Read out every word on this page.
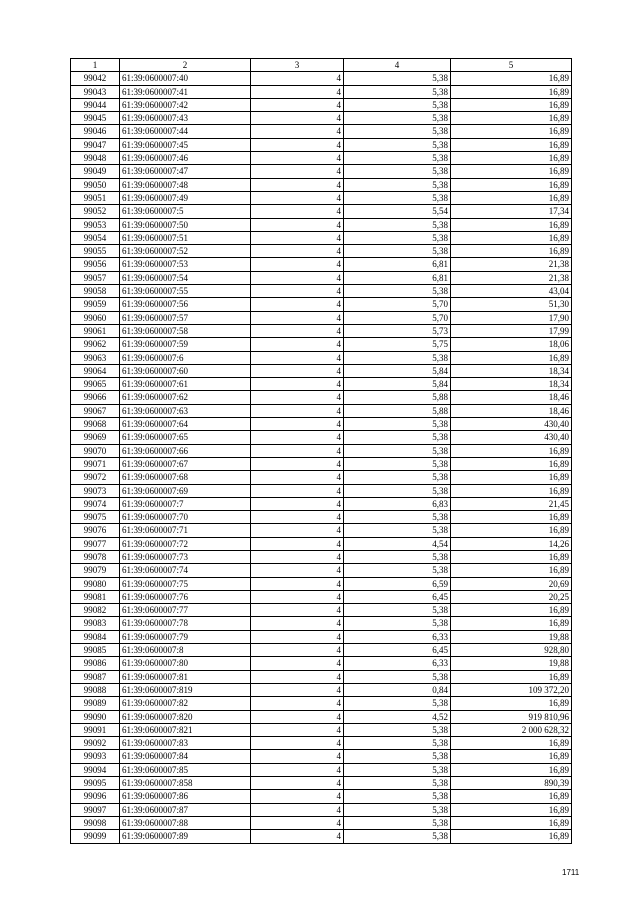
1	2	3	4	5
99042	61:39:0600007:40	4	5,38	16,89
99043	61:39:0600007:41	4	5,38	16,89
99044	61:39:0600007:42	4	5,38	16,89
99045	61:39:0600007:43	4	5,38	16,89
99046	61:39:0600007:44	4	5,38	16,89
99047	61:39:0600007:45	4	5,38	16,89
99048	61:39:0600007:46	4	5,38	16,89
99049	61:39:0600007:47	4	5,38	16,89
99050	61:39:0600007:48	4	5,38	16,89
99051	61:39:0600007:49	4	5,38	16,89
99052	61:39:0600007:5	4	5,54	17,34
99053	61:39:0600007:50	4	5,38	16,89
99054	61:39:0600007:51	4	5,38	16,89
99055	61:39:0600007:52	4	5,38	16,89
99056	61:39:0600007:53	4	6,81	21,38
99057	61:39:0600007:54	4	6,81	21,38
99058	61:39:0600007:55	4	5,38	43,04
99059	61:39:0600007:56	4	5,70	51,30
99060	61:39:0600007:57	4	5,70	17,90
99061	61:39:0600007:58	4	5,73	17,99
99062	61:39:0600007:59	4	5,75	18,06
99063	61:39:0600007:6	4	5,38	16,89
99064	61:39:0600007:60	4	5,84	18,34
99065	61:39:0600007:61	4	5,84	18,34
99066	61:39:0600007:62	4	5,88	18,46
99067	61:39:0600007:63	4	5,88	18,46
99068	61:39:0600007:64	4	5,38	430,40
99069	61:39:0600007:65	4	5,38	430,40
99070	61:39:0600007:66	4	5,38	16,89
99071	61:39:0600007:67	4	5,38	16,89
99072	61:39:0600007:68	4	5,38	16,89
99073	61:39:0600007:69	4	5,38	16,89
99074	61:39:0600007:7	4	6,83	21,45
99075	61:39:0600007:70	4	5,38	16,89
99076	61:39:0600007:71	4	5,38	16,89
99077	61:39:0600007:72	4	4,54	14,26
99078	61:39:0600007:73	4	5,38	16,89
99079	61:39:0600007:74	4	5,38	16,89
99080	61:39:0600007:75	4	6,59	20,69
99081	61:39:0600007:76	4	6,45	20,25
99082	61:39:0600007:77	4	5,38	16,89
99083	61:39:0600007:78	4	5,38	16,89
99084	61:39:0600007:79	4	6,33	19,88
99085	61:39:0600007:8	4	6,45	928,80
99086	61:39:0600007:80	4	6,33	19,88
99087	61:39:0600007:81	4	5,38	16,89
99088	61:39:0600007:819	4	0,84	109 372,20
99089	61:39:0600007:82	4	5,38	16,89
99090	61:39:0600007:820	4	4,52	919 810,96
99091	61:39:0600007:821	4	5,38	2 000 628,32
99092	61:39:0600007:83	4	5,38	16,89
99093	61:39:0600007:84	4	5,38	16,89
99094	61:39:0600007:85	4	5,38	16,89
99095	61:39:0600007:858	4	5,38	890,39
99096	61:39:0600007:86	4	5,38	16,89
99097	61:39:0600007:87	4	5,38	16,89
99098	61:39:0600007:88	4	5,38	16,89
99099	61:39:0600007:89	4	5,38	16,89
1711
